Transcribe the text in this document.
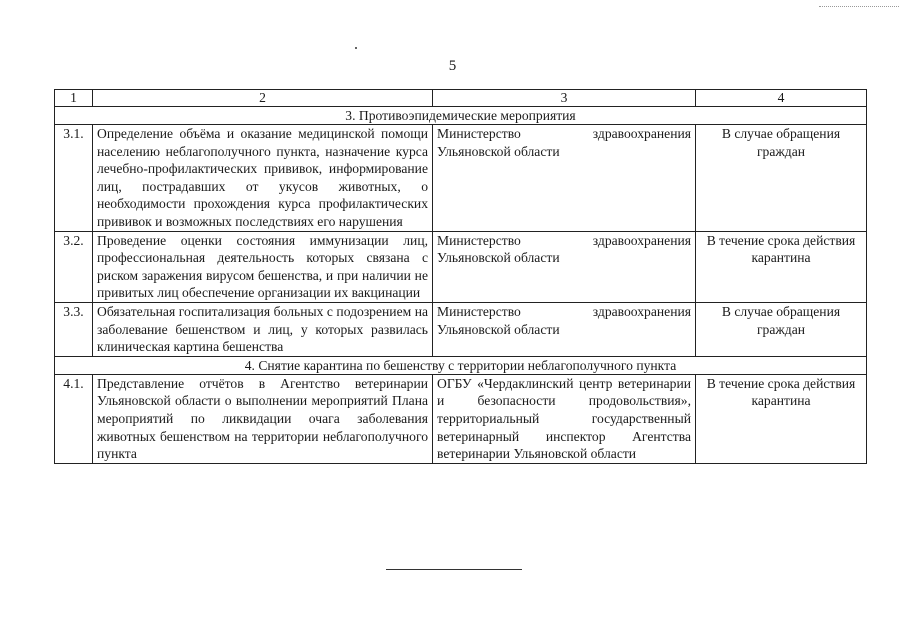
5
1	2	3	4
3. Противоэпидемические мероприятия			
3.1.	Определение объёма и оказание медицинской помощи населению неблагополучного пункта, назначение курса лечебно-профилактических прививок, информирование лиц, пострадавших от укусов животных, о необходимости прохождения курса профилактических прививок и возможных последствиях его нарушения	Министерство здравоохранения Ульяновской области	В случае обращения граждан
3.2.	Проведение оценки состояния иммунизации лиц, профессиональная деятельность которых связана с риском заражения вирусом бешенства, и при наличии не привитых лиц обеспечение организации их вакцинации	Министерство здравоохранения Ульяновской области	В течение срока действия карантина
3.3.	Обязательная госпитализация больных с подозрением на заболевание бешенством и лиц, у которых развилась клиническая картина бешенства	Министерство здравоохранения Ульяновской области	В случае обращения граждан
4. Снятие карантина по бешенству с территории неблагополучного пункта			
4.1.	Представление отчётов в Агентство ветеринарии Ульяновской области о выполнении мероприятий Плана мероприятий по ликвидации очага заболевания животных бешенством на территории неблагополучного пункта	ОГБУ «Чердаклинский центр ветеринарии и безопасности продовольствия», территориальный государственный ветеринарный инспектор Агентства ветеринарии Ульяновской области	В течение срока действия карантина
